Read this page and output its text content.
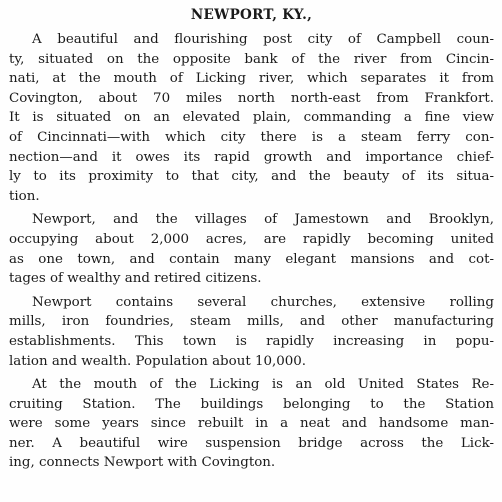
NEWPORT, KY.,
A beautiful and flourishing post city of Campbell coun-
ty, situated on the opposite bank of the river from Cincin-
nati, at the mouth of Licking river, which separates it from
Covington, about 70 miles north north-east from Frankfort.
It is situated on an elevated plain, commanding a fine view
of Cincinnati—with which city there is a steam ferry con-
nection—and it owes its rapid growth and importance chief-
ly to its proximity to that city, and the beauty of its situa-
tion.
Newport, and the villages of Jamestown and Brooklyn,
occupying about 2,000 acres, are rapidly becoming united
as one town, and contain many elegant mansions and cot-
tages of wealthy and retired citizens.
Newport contains several churches, extensive rolling
mills, iron foundries, steam mills, and other manufacturing
establishments. This town is rapidly increasing in popu-
lation and wealth. Population about 10,000.
At the mouth of the Licking is an old United States Re-
cruiting Station. The buildings belonging to the Station
were some years since rebuilt in a neat and handsome man-
ner. A beautiful wire suspension bridge across the Lick-
ing, connects Newport with Covington.
